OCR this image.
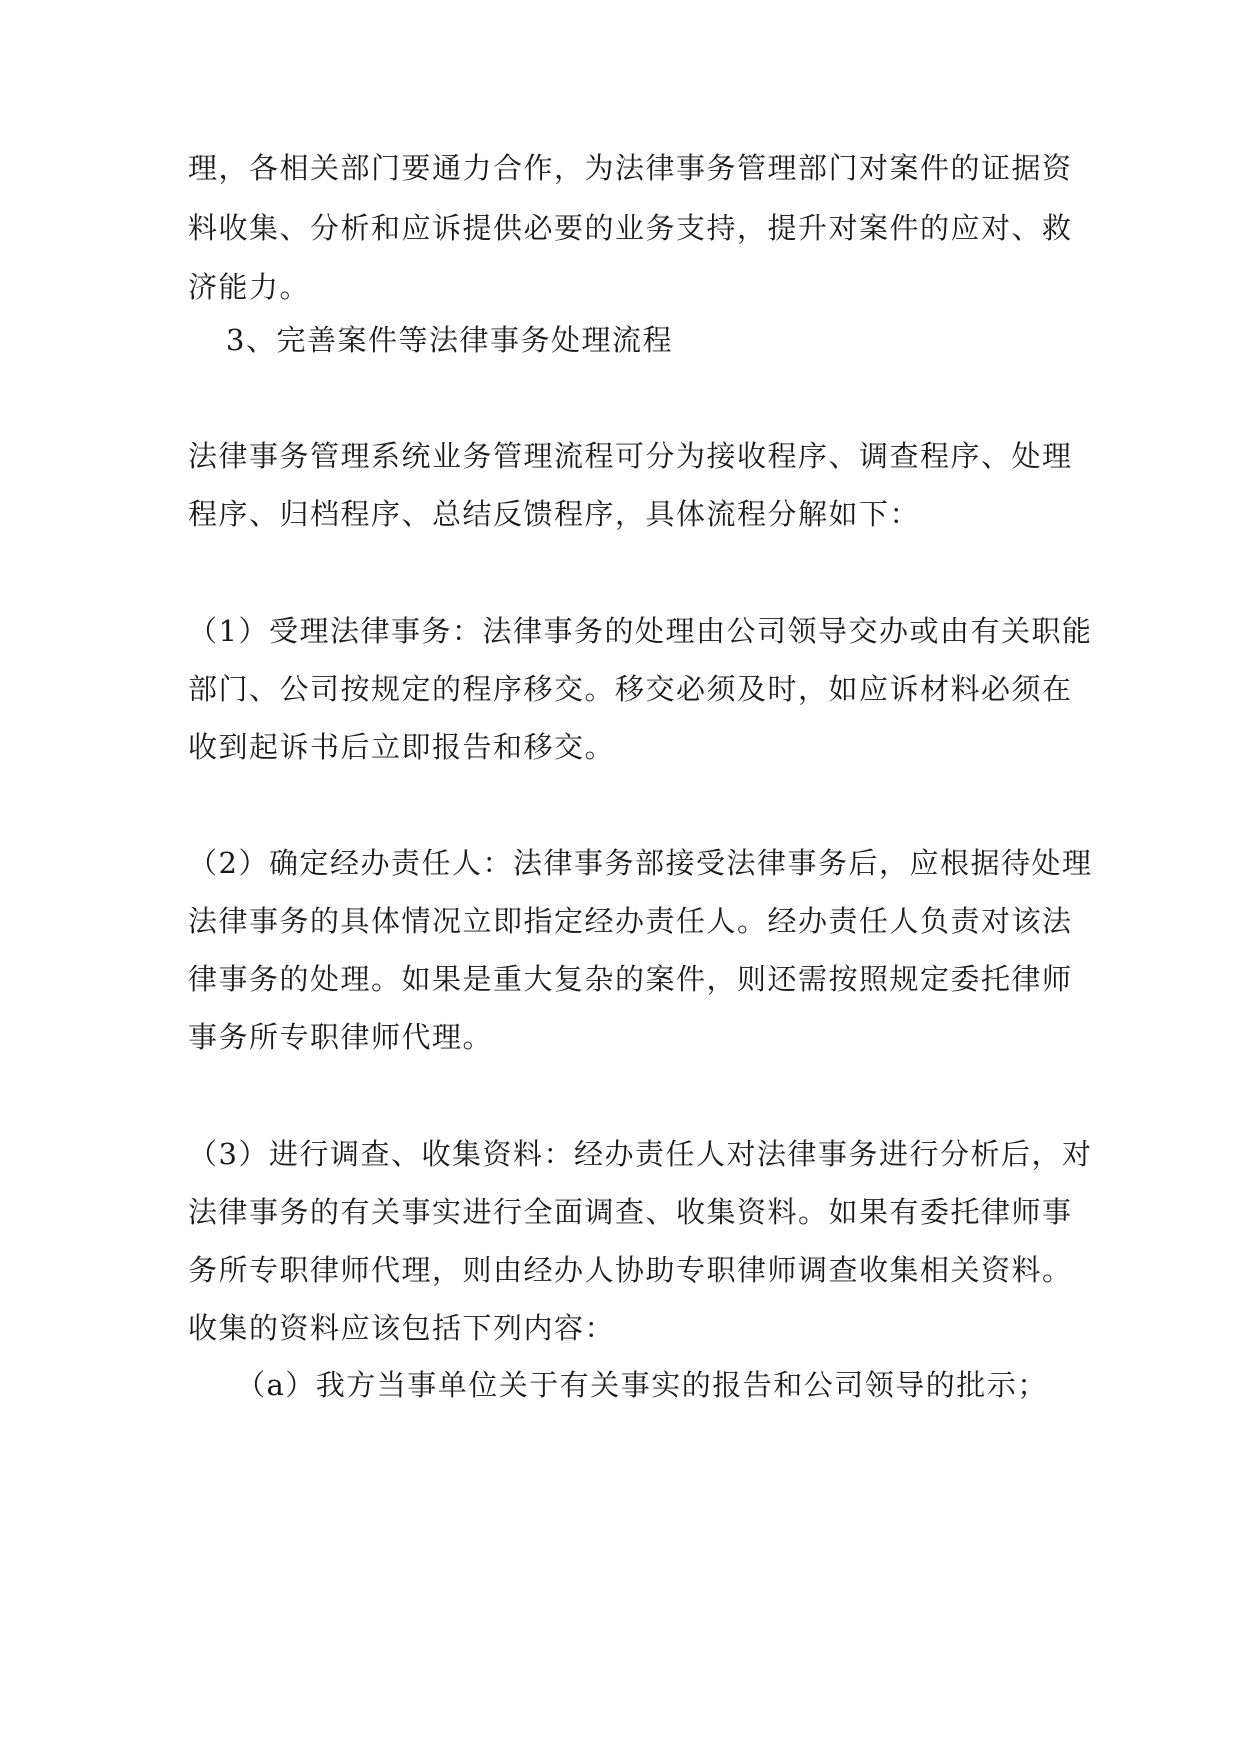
理，各相关部门要通力合作，为法律事务管理部门对案件的证据资
料收集、分析和应诉提供必要的业务支持，提升对案件的应对、救
济能力。
3、完善案件等法律事务处理流程
法律事务管理系统业务管理流程可分为接收程序、调查程序、处理
程序、归档程序、总结反馈程序，具体流程分解如下：
（1）受理法律事务：法律事务的处理由公司领导交办或由有关职能
部门、公司按规定的程序移交。移交必须及时，如应诉材料必须在
收到起诉书后立即报告和移交。
（2）确定经办责任人：法律事务部接受法律事务后，应根据待处理
法律事务的具体情况立即指定经办责任人。经办责任人负责对该法
律事务的处理。如果是重大复杂的案件，则还需按照规定委托律师
事务所专职律师代理。
（3）进行调查、收集资料：经办责任人对法律事务进行分析后，对
法律事务的有关事实进行全面调查、收集资料。如果有委托律师事
务所专职律师代理，则由经办人协助专职律师调查收集相关资料。
收集的资料应该包括下列内容：
（a）我方当事单位关于有关事实的报告和公司领导的批示；
